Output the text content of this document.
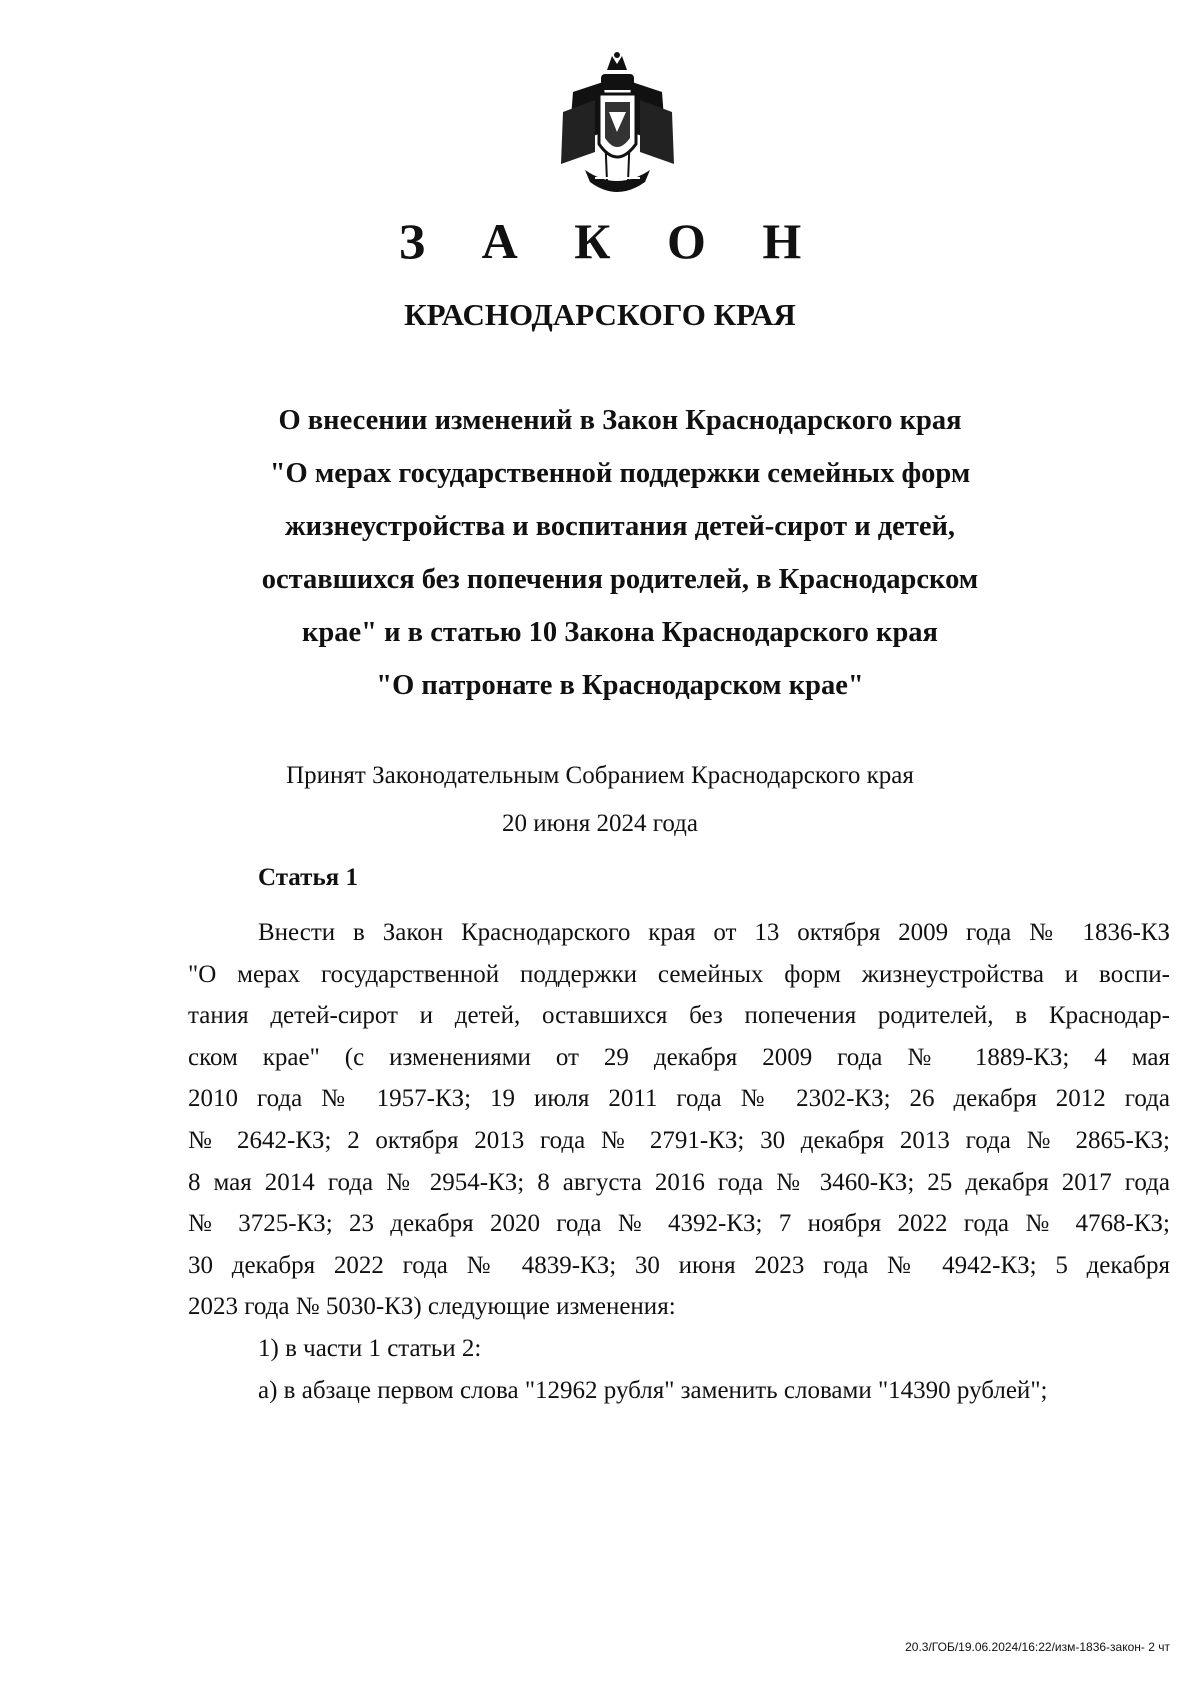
З А К О Н
КРАСНОДАРСКОГО КРАЯ
О внесении изменений в Закон Краснодарского края
"О мерах государственной поддержки семейных форм
жизнеустройства и воспитания детей-сирот и детей,
оставшихся без попечения родителей, в Краснодарском
крае" и в статью 10 Закона Краснодарского края
"О патронате в Краснодарском крае"
Принят Законодательным Собранием Краснодарского края
20 июня 2024 года
Статья 1
Внести в Закон Краснодарского края от 13 октября 2009 года № 1836-КЗ
"О мерах государственной поддержки семейных форм жизнеустройства и воспи-
тания детей-сирот и детей, оставшихся без попечения родителей, в Краснодар-
ском крае" (с изменениями от 29 декабря 2009 года № 1889-КЗ; 4 мая
2010 года № 1957-КЗ; 19 июля 2011 года № 2302-КЗ; 26 декабря 2012 года
№ 2642-КЗ; 2 октября 2013 года № 2791-КЗ; 30 декабря 2013 года № 2865-КЗ;
8 мая 2014 года № 2954-КЗ; 8 августа 2016 года № 3460-КЗ; 25 декабря 2017 года
№ 3725-КЗ; 23 декабря 2020 года № 4392-КЗ; 7 ноября 2022 года № 4768-КЗ;
30 декабря 2022 года № 4839-КЗ; 30 июня 2023 года № 4942-КЗ; 5 декабря
2023 года № 5030-КЗ) следующие изменения:
1) в части 1 статьи 2:
а) в абзаце первом слова "12962 рубля" заменить словами "14390 рублей";
20.3/ГОБ/19.06.2024/16:22/изм-1836-закон- 2 чт
